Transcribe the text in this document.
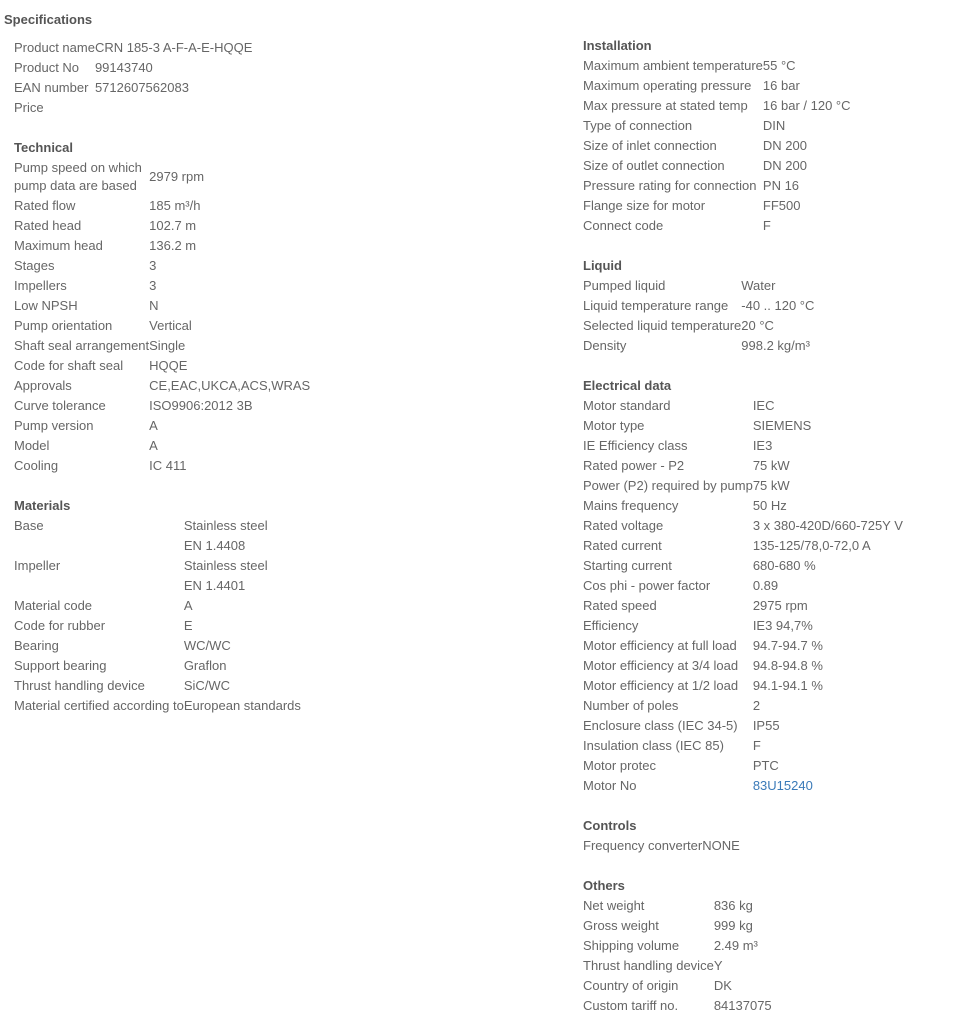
Specifications
Product name	CRN 185-3 A-F-A-E-HQQE
Product No	99143740
EAN number	5712607562083
Price	
Technical
Pump speed on which pump data are based	2979 rpm
Rated flow	185 m³/h
Rated head	102.7 m
Maximum head	136.2 m
Stages	3
Impellers	3
Low NPSH	N
Pump orientation	Vertical
Shaft seal arrangement	Single
Code for shaft seal	HQQE
Approvals	CE,EAC,UKCA,ACS,WRAS
Curve tolerance	ISO9906:2012 3B
Pump version	A
Model	A
Cooling	IC 411
Materials
Base	Stainless steel
	EN 1.4408
Impeller	Stainless steel
	EN 1.4401
Material code	A
Code for rubber	E
Bearing	WC/WC
Support bearing	Graflon
Thrust handling device	SiC/WC
Material certified according to	European standards
Installation
Maximum ambient temperature	55 °C
Maximum operating pressure	16 bar
Max pressure at stated temp	16 bar / 120 °C
Type of connection	DIN
Size of inlet connection	DN 200
Size of outlet connection	DN 200
Pressure rating for connection	PN 16
Flange size for motor	FF500
Connect code	F
Liquid
Pumped liquid	Water
Liquid temperature range	-40 .. 120 °C
Selected liquid temperature	20 °C
Density	998.2 kg/m³
Electrical data
Motor standard	IEC
Motor type	SIEMENS
IE Efficiency class	IE3
Rated power - P2	75 kW
Power (P2) required by pump	75 kW
Mains frequency	50 Hz
Rated voltage	3 x 380-420D/660-725Y V
Rated current	135-125/78,0-72,0 A
Starting current	680-680 %
Cos phi - power factor	0.89
Rated speed	2975 rpm
Efficiency	IE3 94,7%
Motor efficiency at full load	94.7-94.7 %
Motor efficiency at 3/4 load	94.8-94.8 %
Motor efficiency at 1/2 load	94.1-94.1 %
Number of poles	2
Enclosure class (IEC 34-5)	IP55
Insulation class (IEC 85)	F
Motor protec	PTC
Motor No	83U15240
Controls
Frequency converter	NONE
Others
Net weight	836 kg
Gross weight	999 kg
Shipping volume	2.49 m³
Thrust handling device	Y
Country of origin	DK
Custom tariff no.	84137075
